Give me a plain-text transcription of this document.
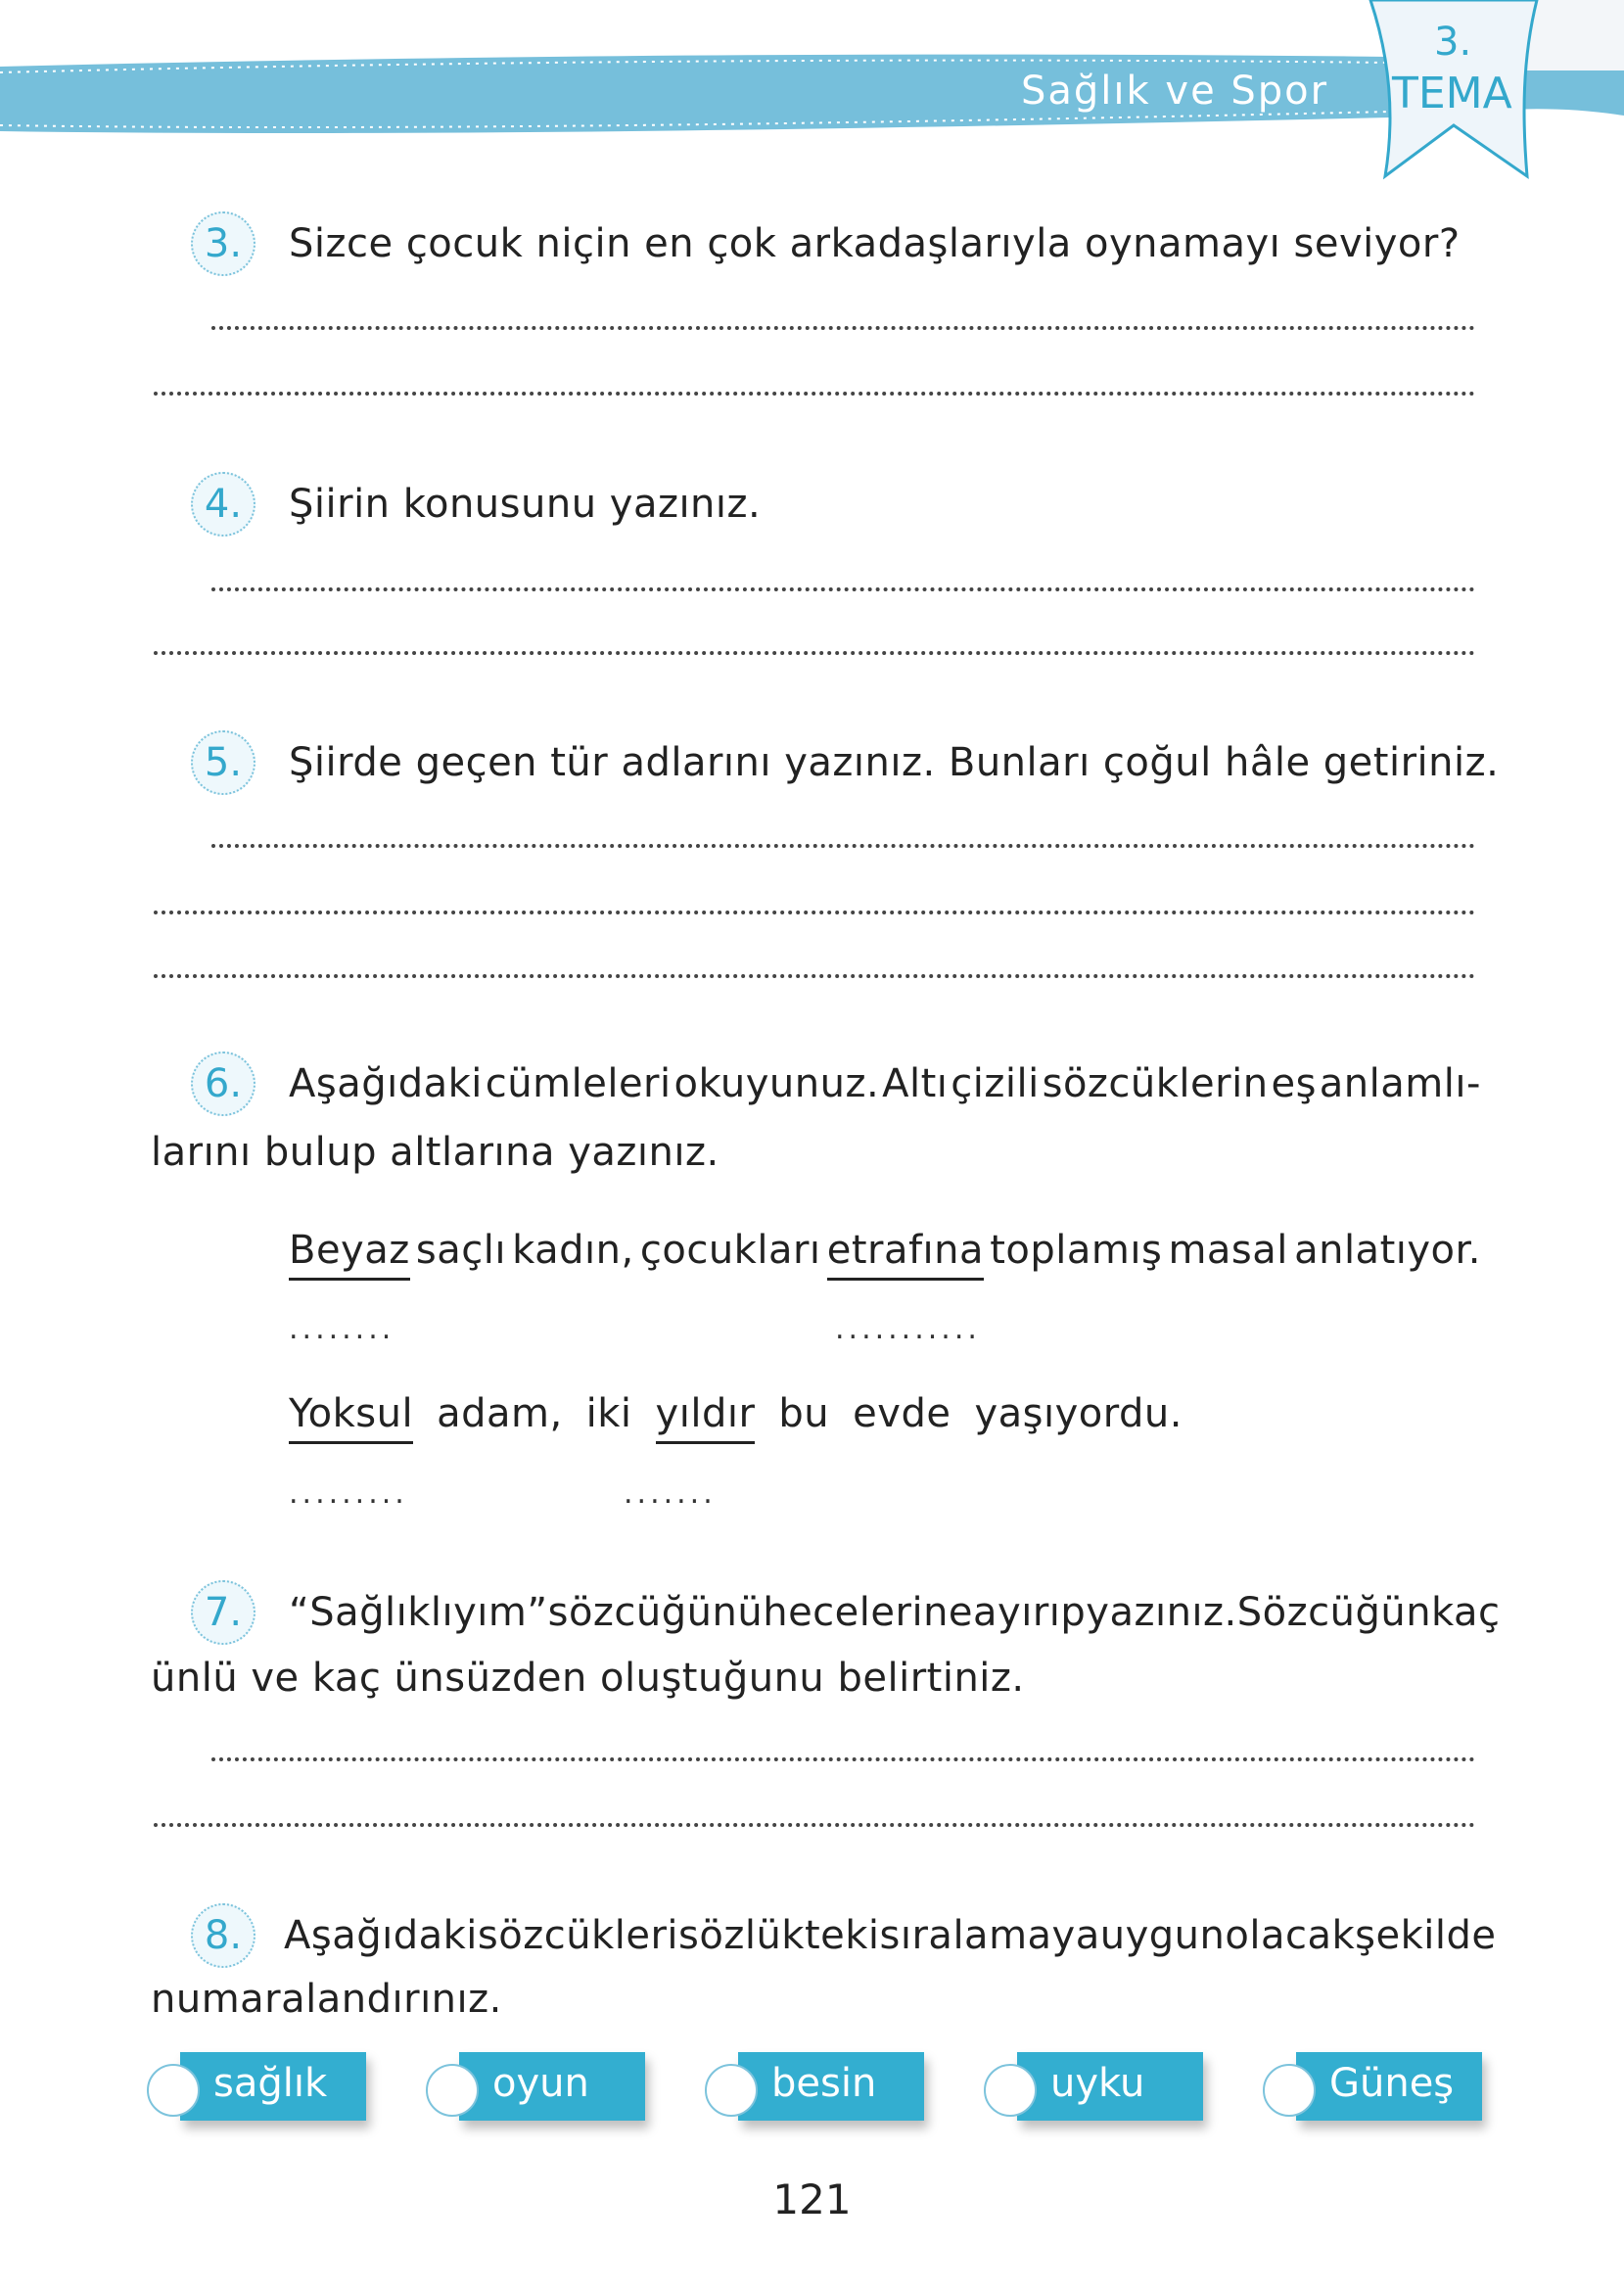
Sağlık ve Spor
3.
TEMA
3.	Sizce çocuk niçin en çok arkadaşlarıyla oynamayı seviyor?
4.	Şiirin konusunu yazınız.
5.	Şiirde geçen tür adlarını yazınız. Bunları çoğul hâle getiriniz.
6.	Aşağıdaki cümleleri okuyunuz. Altı çizili sözcüklerin eş anlamlı-
larını bulup altlarına yazınız.
Beyaz saçlı kadın, çocukları etrafına toplamış masal anlatıyor.
........	...........
Yoksul adam, iki yıldır bu evde yaşıyordu.
.........	.......
7.	“Sağlıklıyım” sözcüğünü hecelerine ayırıp yazınız. Sözcüğün kaç
ünlü ve kaç ünsüzden oluştuğunu belirtiniz.
8.	Aşağıdaki sözcükleri sözlükteki sıralamaya uygun olacak şekilde
numaralandırınız.
sağlık	oyun	besin	uyku	Güneş
121
